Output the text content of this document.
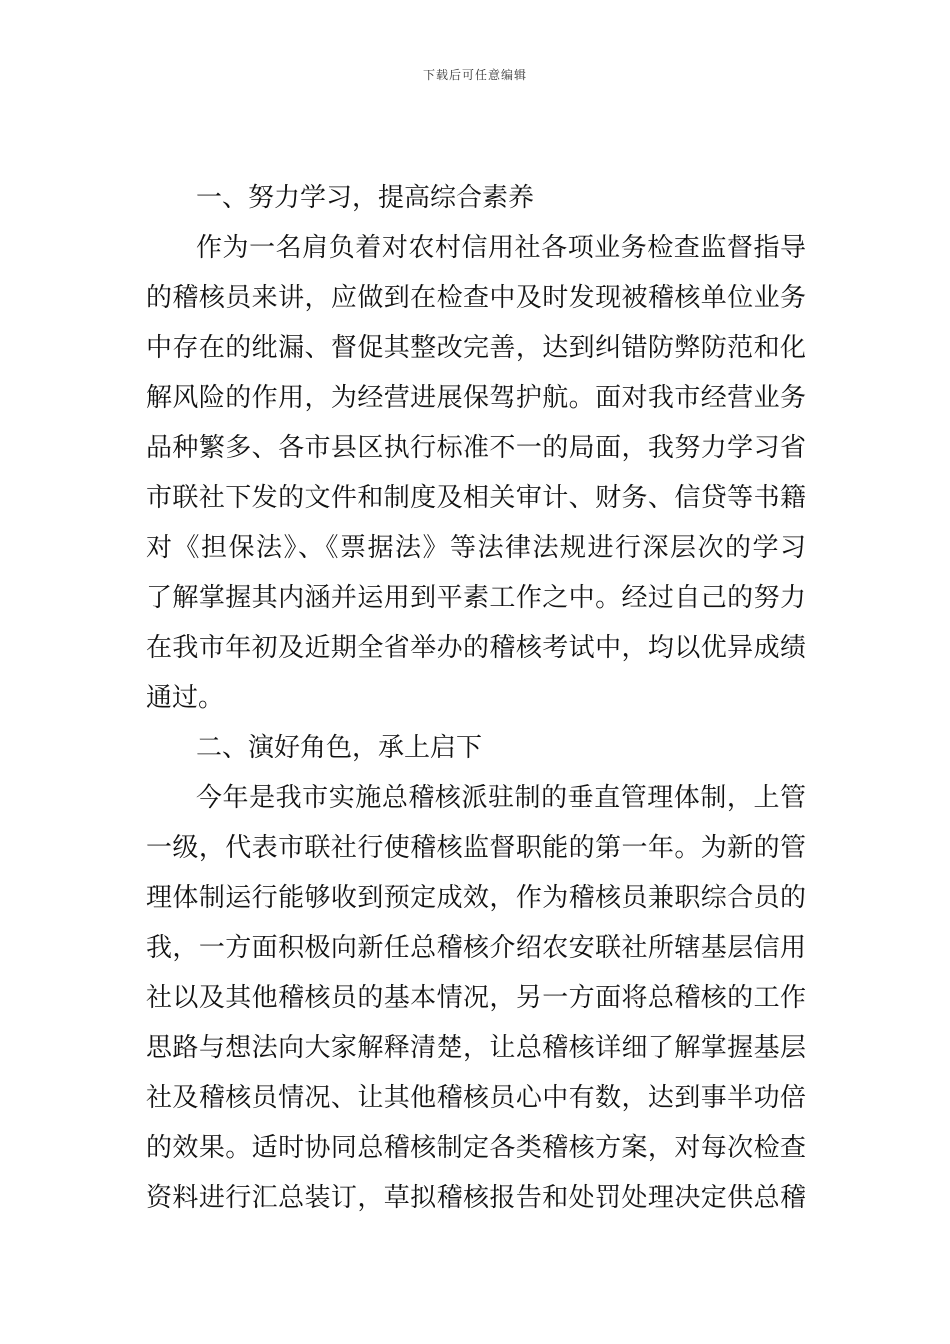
下载后可任意编辑
一、努力学习，提高综合素养
作为一名肩负着对农村信用社各项业务检查监督指导
的稽核员来讲，应做到在检查中及时发现被稽核单位业务
中存在的纰漏、督促其整改完善，达到纠错防弊防范和化
解风险的作用，为经营进展保驾护航。面对我市经营业务
品种繁多、各市县区执行标准不一的局面，我努力学习省
市联社下发的文件和制度及相关审计、财务、信贷等书籍
对《担保法》、《票据法》等法律法规进行深层次的学习
了解掌握其内涵并运用到平素工作之中。经过自己的努力
在我市年初及近期全省举办的稽核考试中，均以优异成绩
通过。
二、演好角色，承上启下
今年是我市实施总稽核派驻制的垂直管理体制，上管
一级，代表市联社行使稽核监督职能的第一年。为新的管
理体制运行能够收到预定成效，作为稽核员兼职综合员的
我，一方面积极向新任总稽核介绍农安联社所辖基层信用
社以及其他稽核员的基本情况，另一方面将总稽核的工作
思路与想法向大家解释清楚，让总稽核详细了解掌握基层
社及稽核员情况、让其他稽核员心中有数，达到事半功倍
的效果。适时协同总稽核制定各类稽核方案，对每次检查
资料进行汇总装订，草拟稽核报告和处罚处理决定供总稽
